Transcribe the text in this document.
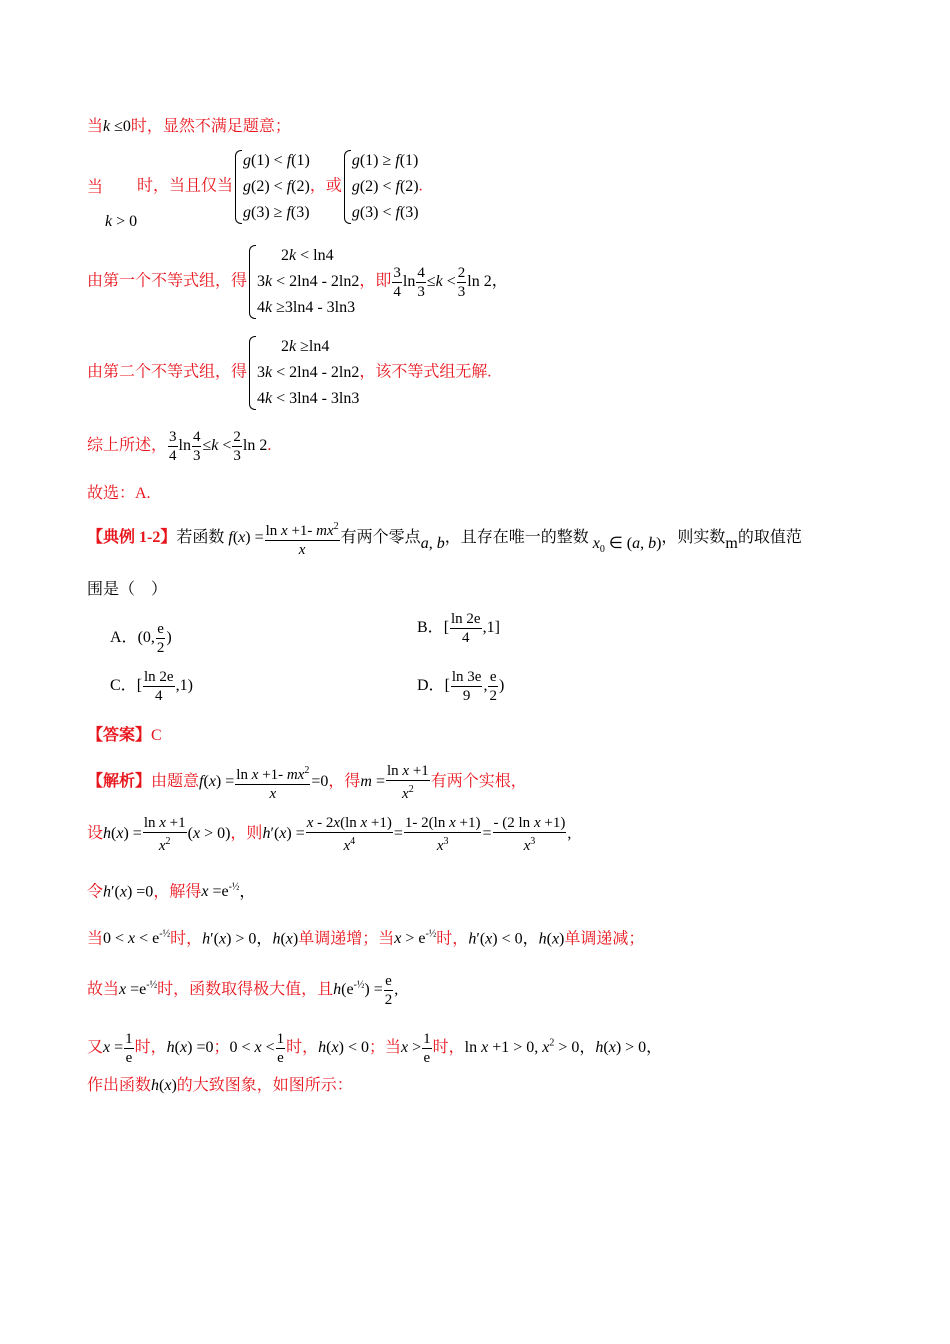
当k ≤0时，显然不满足题意；
当
k > 0
时，当且仅当
g(1) < f(1)
g(2) < f(2)
g(3) ≥ f(3)
，或
g(1) ≥ f(1)
g(2) < f(2)
g(3) < f(3)
.
由第一个不等式组，得
2k < ln4
3k < 2ln4 - 2ln2
4k ≥3ln4 - 3ln3
，即 $\frac{3}{4}$ $\ln \frac{4}{3} \le k < \frac{2}{3}$ ln 2，
由第二个不等式组，得
2k ≥ln4
3k < 2ln4 - 2ln2
4k < 3ln4 - 3ln3
，该不等式组无解.
综上所述， $\frac{3}{4}$ $\ln \frac{4}{3} \le k < \frac{2}{3}$ ln 2.
故选：A.
【典例 1-2】若函数 $f(x) = \frac{\ln x +1- mx^2}{x}$ 有两个零点a, b，且存在唯一的整数 $x_0$ ∈ (a, b)，则实数m的取值范
围是（　）
A．(0, $\frac{e}{2}$ )
B．[ $\frac{\ln 2e}{4} ,1$]
C．[ $\frac{\ln 2e}{4} ,1$)	D．[ $\frac{\ln 3e}{9}$ , $\frac{e}{2}$ )
【答案】C
【解析】由题意$f(x) = \frac{\ln x +1- mx^2}{x} =0$，得$m = \frac{\text{ln x +1}}{x^2}$ 有两个实根，
设$h(x) = \frac{\text{ln x +1}}{x^2} (x > 0)$，则$h'(x) = \frac{\text{x - 2x(ln x +1)}}{x^4} = \frac{\text{1- 2(ln x +1)}}{x^3} = \frac{\text{- (2 ln x +1)}}{x^3}$ ,
令h′(x) =0，解得$x =e^{-\frac{1}{2}}$，
当$0 < x < e^{-\frac{1}{2}}$时，h′(x) > 0，h(x)单调递增；当$x > e^{-\frac{1}{2}}$时，h′(x) < 0，h(x)单调递减；
故当$x =e^{-\frac{1}{2}}$时，函数取得极大值，且$h(e^{-\frac{1}{2}}) = \frac{e}{2}$ ,
又$x = \frac{1}{e}$ 时，h(x) =0；$0 < x < \frac{1}{e}$ 时，h(x) < 0；当$x > \frac{1}{e}$ 时，ln x +1 > 0, $x^2 > 0$，h(x) > 0，
作出函数h(x)的大致图象，如图所示：
